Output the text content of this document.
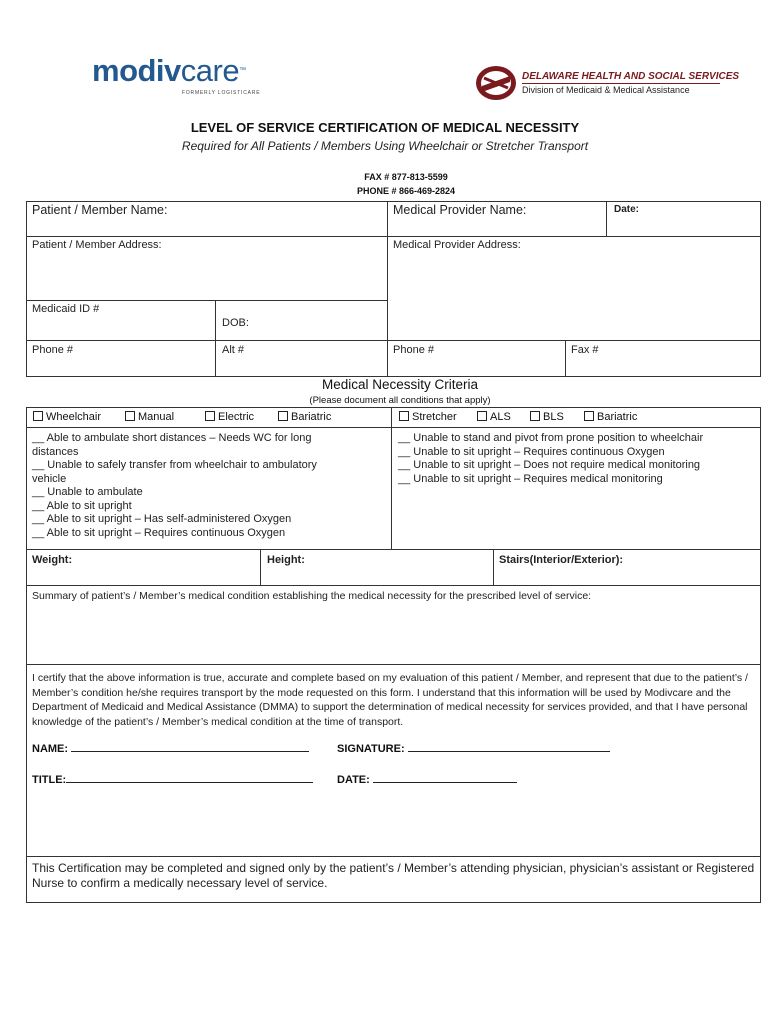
modivcare™
FORMERLY LOGISTICARE
DELAWARE HEALTH AND SOCIAL SERVICES
Division of Medicaid & Medical Assistance
LEVEL OF SERVICE CERTIFICATION OF MEDICAL NECESSITY
Required for All Patients / Members Using Wheelchair or Stretcher Transport
FAX # 877-813-5599
PHONE # 866-469-2824
Patient / Member Name:	Medical Provider Name:	Date:
Patient / Member Address:	Medical Provider Address:
Medicaid ID #
DOB:
Phone #	Alt #	Phone #	Fax #
Medical Necessity Criteria
(Please document all conditions that apply)
Wheelchair	Manual	Electric	Bariatric	Stretcher	ALS	BLS	Bariatric
__ Able to ambulate short distances – Needs WC for long distances
__ Unable to safely transfer from wheelchair to ambulatory vehicle
__ Unable to ambulate
__ Able to sit upright
__ Able to sit upright – Has self-administered Oxygen
__ Able to sit upright – Requires continuous Oxygen
__ Unable to stand and pivot from prone position to wheelchair
__ Unable to sit upright – Requires continuous Oxygen
__ Unable to sit upright – Does not require medical monitoring
__ Unable to sit upright – Requires medical monitoring
Weight:	Height:	Stairs(Interior/Exterior):
Summary of patient’s / Member’s medical condition establishing the medical necessity for the prescribed level of service:
I certify that the above information is true, accurate and complete based on my evaluation of this patient / Member, and represent that due to the patient’s / Member’s condition he/she requires transport by the mode requested on this form. I understand that this information will be used by Modivcare and the Department of Medicaid and Medical Assistance (DMMA) to support the determination of medical necessity for services provided, and that I have personal knowledge of the patient’s / Member’s medical condition at the time of transport.
NAME:	SIGNATURE:
TITLE:	DATE:
This Certification may be completed and signed only by the patient’s / Member’s attending physician, physician’s assistant or Registered Nurse to confirm a medically necessary level of service.
